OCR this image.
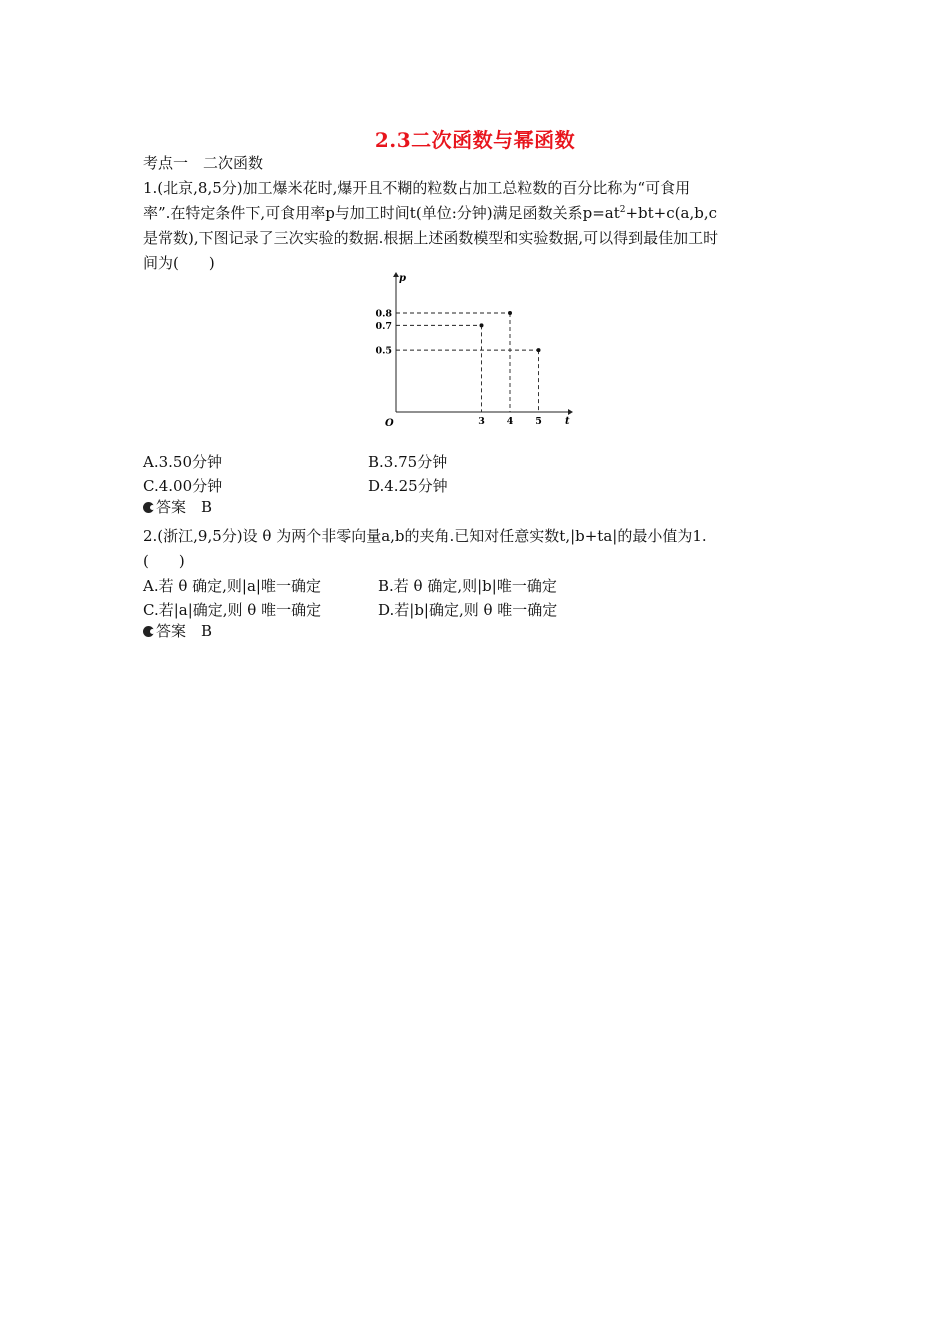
2.3二次函数与幂函数
考点一　二次函数
1.(北京,8,5分)加工爆米花时,爆开且不糊的粒数占加工总粒数的百分比称为“可食用
率”.在特定条件下,可食用率p与加工时间t(单位:分钟)满足函数关系$p=at^2+bt+c(a,b,c$
是常数),下图记录了三次实验的数据.根据上述函数模型和实验数据,可以得到最佳加工时
间为(　　)
t
p
O	3 4 5
0.8
0.7
0.5
A.3.50分钟	B.3.75分钟
C.4.00分钟	D.4.25分钟
答案　B
2.(浙江,9,5分)设 θ 为两个非零向量a,b的夹角.已知对任意实数t,|b+ta|的最小值为1.
(　　)
A.若 θ 确定,则|a|唯一确定	B.若 θ 确定,则|b|唯一确定
C.若|a|确定,则 θ 唯一确定	D.若|b|确定,则 θ 唯一确定
答案　B
